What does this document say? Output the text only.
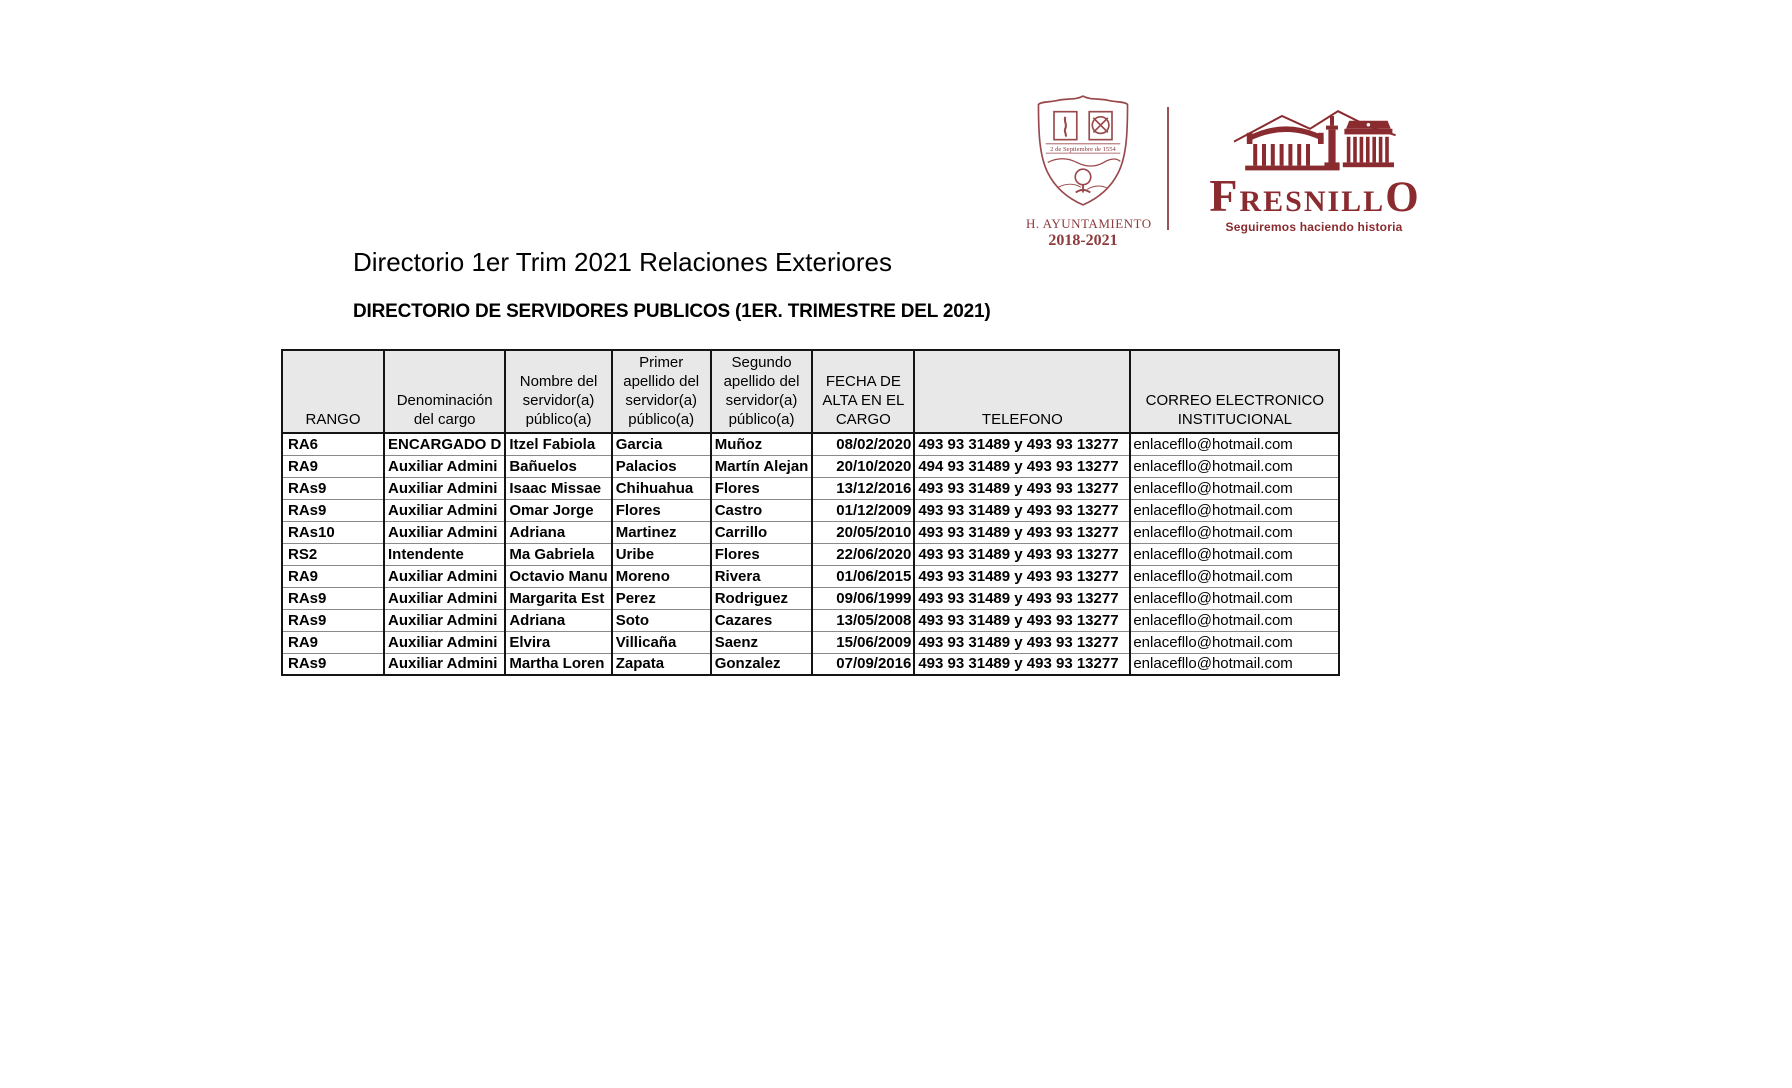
2 de Septiembre de 1554
H. AYUNTAMIENTO
2018-2021
FRESNILLO
Seguiremos haciendo historia
Directorio 1er Trim 2021 Relaciones Exteriores
DIRECTORIO DE SERVIDORES PUBLICOS (1ER. TRIMESTRE DEL 2021)
RANGO	Denominación del cargo	Nombre del servidor(a) público(a)	Primer apellido del servidor(a) público(a)	Segundo apellido del servidor(a) público(a)	FECHA DE ALTA EN EL CARGO	TELEFONO	CORREO ELECTRONICO INSTITUCIONAL
RA6	ENCARGADO D	Itzel Fabiola	Garcia	Muñoz	08/02/2020	493 93 31489 y 493 93 13277	enlacefllo@hotmail.com
RA9	Auxiliar Admini	Bañuelos	Palacios	Martín Alejan	20/10/2020	494 93 31489 y 493 93 13277	enlacefllo@hotmail.com
RAs9	Auxiliar Admini	Isaac Missae	Chihuahua	Flores	13/12/2016	493 93 31489 y 493 93 13277	enlacefllo@hotmail.com
RAs9	Auxiliar Admini	Omar Jorge	Flores	Castro	01/12/2009	493 93 31489 y 493 93 13277	enlacefllo@hotmail.com
RAs10	Auxiliar Admini	Adriana	Martinez	Carrillo	20/05/2010	493 93 31489 y 493 93 13277	enlacefllo@hotmail.com
RS2	Intendente	Ma Gabriela	Uribe	Flores	22/06/2020	493 93 31489 y 493 93 13277	enlacefllo@hotmail.com
RA9	Auxiliar Admini	Octavio Manu	Moreno	Rivera	01/06/2015	493 93 31489 y 493 93 13277	enlacefllo@hotmail.com
RAs9	Auxiliar Admini	Margarita Est	Perez	Rodriguez	09/06/1999	493 93 31489 y 493 93 13277	enlacefllo@hotmail.com
RAs9	Auxiliar Admini	Adriana	Soto	Cazares	13/05/2008	493 93 31489 y 493 93 13277	enlacefllo@hotmail.com
RA9	Auxiliar Admini	Elvira	Villicaña	Saenz	15/06/2009	493 93 31489 y 493 93 13277	enlacefllo@hotmail.com
RAs9	Auxiliar Admini	Martha Loren	Zapata	Gonzalez	07/09/2016	493 93 31489 y 493 93 13277	enlacefllo@hotmail.com
